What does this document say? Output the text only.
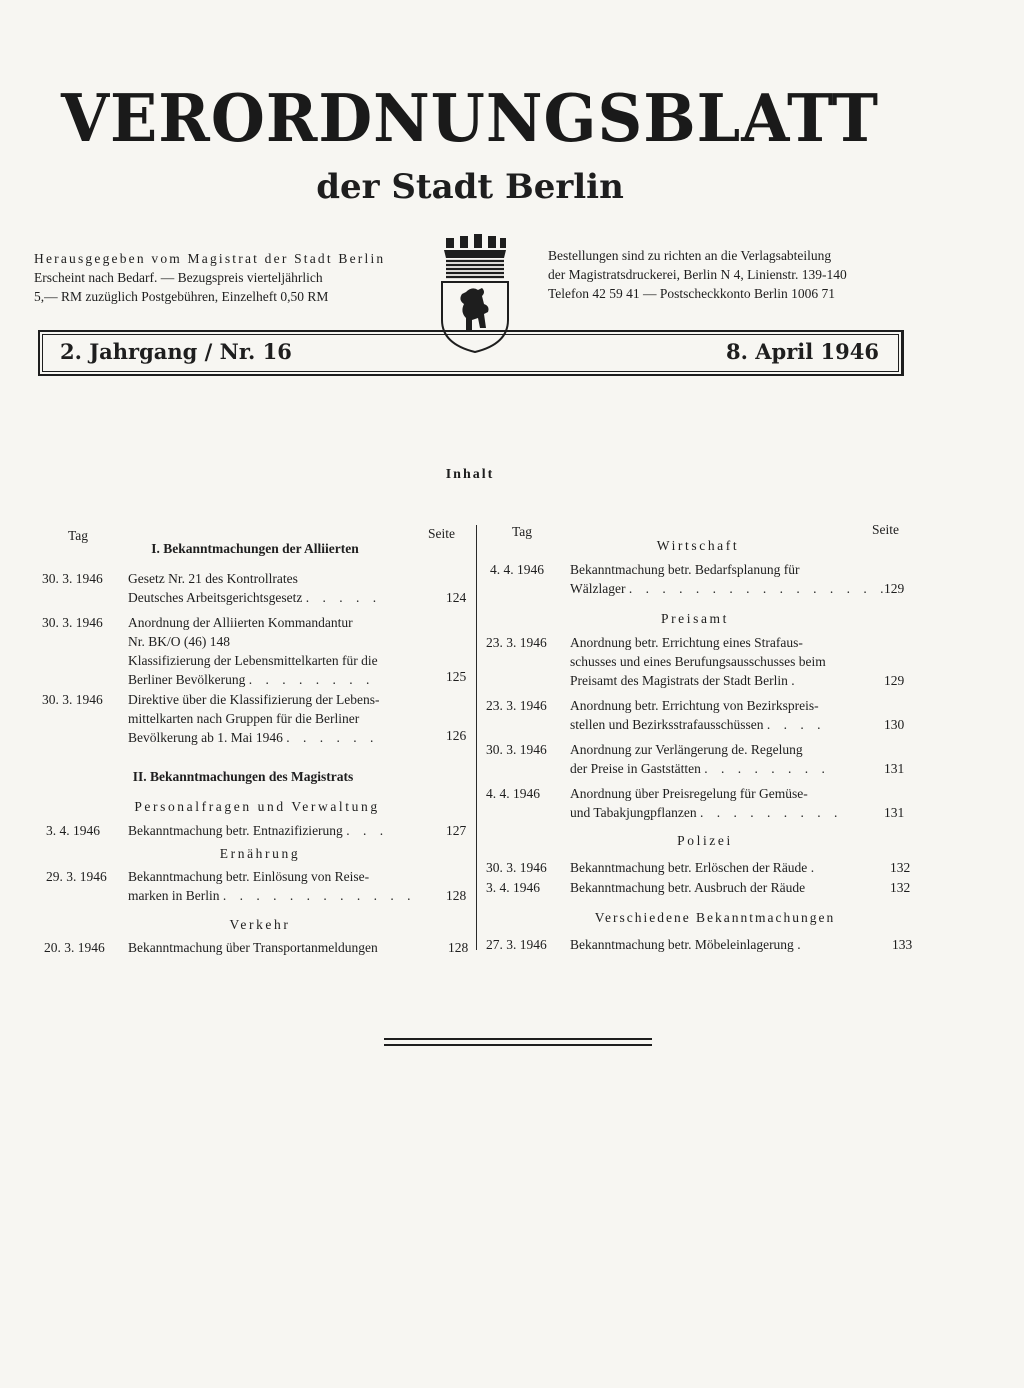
VERORDNUNGSBLATT
der Stadt Berlin
Herausgegeben vom Magistrat der Stadt Berlin
Erscheint nach Bedarf. — Bezugspreis vierteljährlich
5,— RM zuzüglich Postgebühren, Einzelheft 0,50 RM
Bestellungen sind zu richten an die Verlagsabteilung
der Magistratsdruckerei, Berlin N 4, Linienstr. 139-140
Telefon 42 59 41 — Postscheckkonto Berlin 1006 71
2. Jahrgang / Nr. 16	8. April 1946
Inhalt
Tag	Seite
I. Bekanntmachungen der Alliierten
30. 3. 1946 Gesetz Nr. 21 des Kontrollrates
Deutsches Arbeitsgerichtsgesetz . . . . .	124
30. 3. 1946 Anordnung der Alliierten Kommandantur
Nr. BK/O (46) 148
Klassifizierung der Lebensmittelkarten für die
Berliner Bevölkerung . . . . . . . .	125
30. 3. 1946 Direktive über die Klassifizierung der Lebens-
mittelkarten nach Gruppen für die Berliner
Bevölkerung ab 1. Mai 1946 . . . . . .	126
II. Bekanntmachungen des Magistrats
Personalfragen und Verwaltung
3. 4. 1946 Bekanntmachung betr. Entnazifizierung . . .	127
Ernährung
29. 3. 1946 Bekanntmachung betr. Einlösung von Reise-
marken in Berlin . . . . . . . . . . . . 128
Verkehr
20. 3. 1946 Bekanntmachung über Transportanmeldungen	128
Tag	Seite
Wirtschaft
4. 4. 1946 Bekanntmachung betr. Bedarfsplanung für
Wälzlager . . . . . . . . . . . . . . . .
129
Preisamt
23. 3. 1946 Anordnung betr. Errichtung eines Strafaus-
schusses und eines Berufungsausschusses beim
Preisamt des Magistrats der Stadt Berlin .	129
23. 3. 1946 Anordnung betr. Errichtung von Bezirkspreis-
stellen und Bezirksstrafausschüssen . . . .	130
30. 3. 1946 Anordnung zur Verlängerung de. Regelung
der Preise in Gaststätten . . . . . . . .	131
4. 4. 1946 Anordnung über Preisregelung für Gemüse-
und Tabakjungpflanzen . . . . . . . . .	131
Polizei
30. 3. 1946 Bekanntmachung betr. Erlöschen der Räude .	132
3. 4. 1946 Bekanntmachung betr. Ausbruch der Räude	132
Verschiedene Bekanntmachungen
27. 3. 1946 Bekanntmachung betr. Möbeleinlagerung .	133
